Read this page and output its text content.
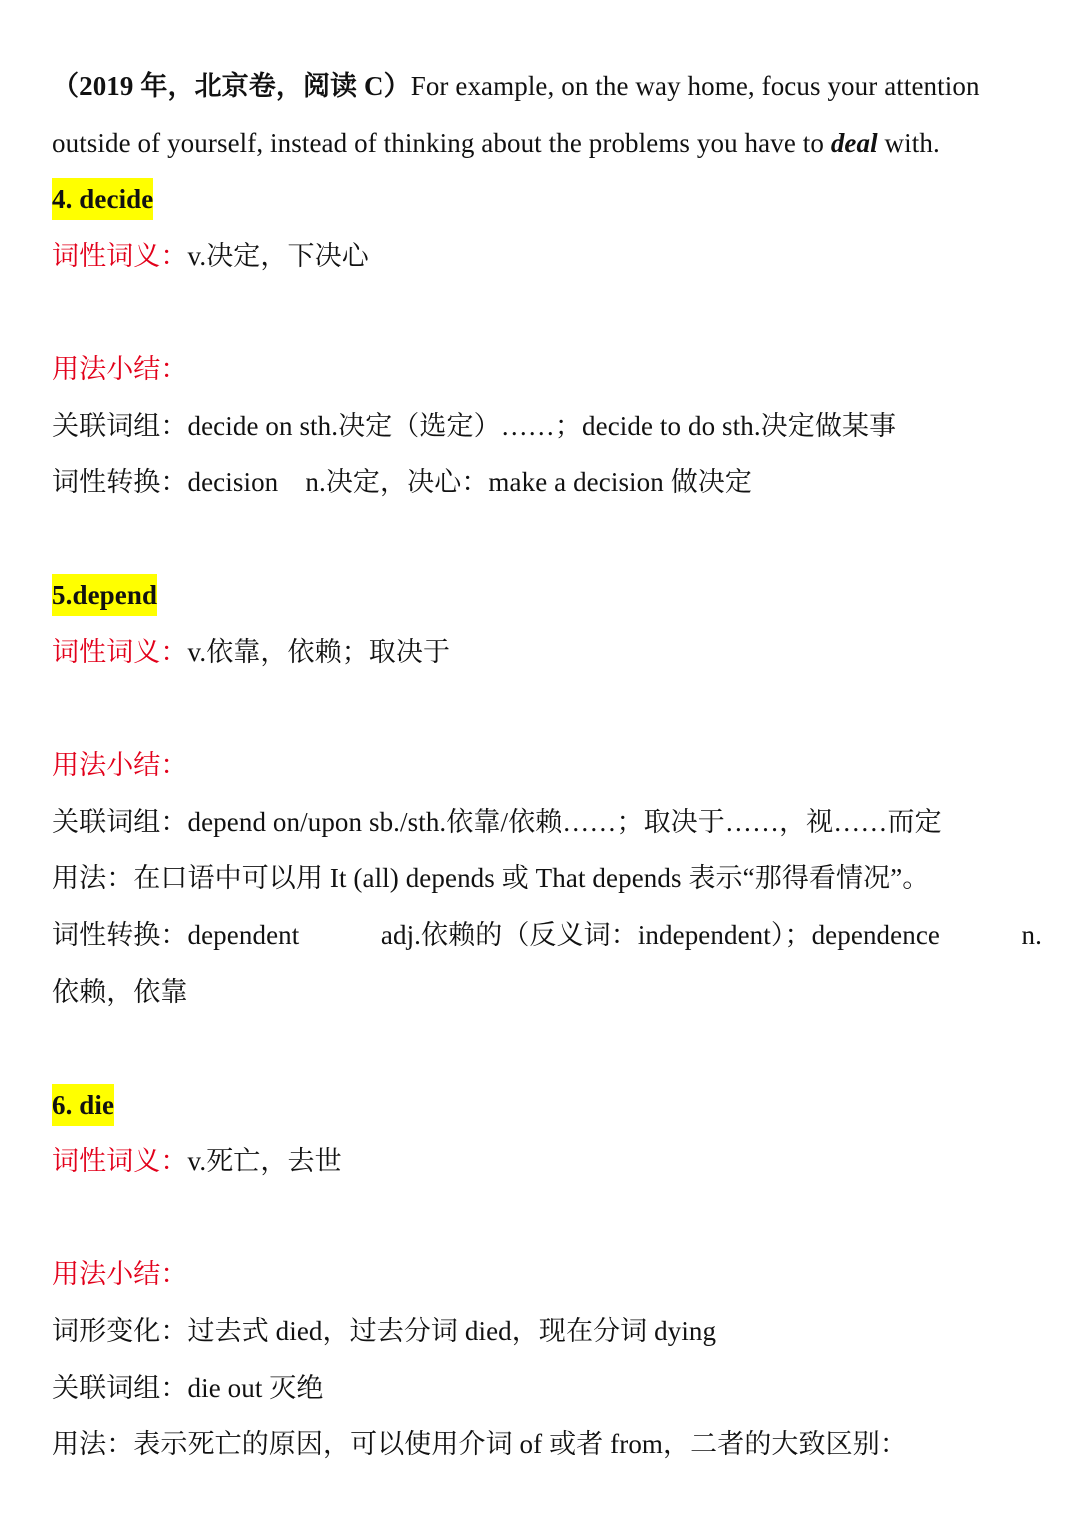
（2019 年，北京卷，阅读 C）For example, on the way home, focus your attention
outside of yourself, instead of thinking about the problems you have to deal with.
4. decide
词性词义：v.决定，下决心
用法小结：
关联词组：decide on sth.决定（选定）……；decide to do sth.决定做某事
词性转换：decision　n.决定，决心：make a decision 做决定
5.depend
词性词义：v.依靠，依赖；取决于
用法小结：
关联词组：depend on/upon sb./sth.依靠/依赖……；取决于……，视……而定
用法：在口语中可以用 It (all) depends 或 That depends 表示“那得看情况”。
词性转换：dependent	adj.依赖的（反义词：independent）；dependence	n.
依赖，依靠
6. die
词性词义：v.死亡，去世
用法小结：
词形变化：过去式 died，过去分词 died，现在分词 dying
关联词组：die out 灭绝
用法：表示死亡的原因，可以使用介词 of 或者 from，二者的大致区别：
